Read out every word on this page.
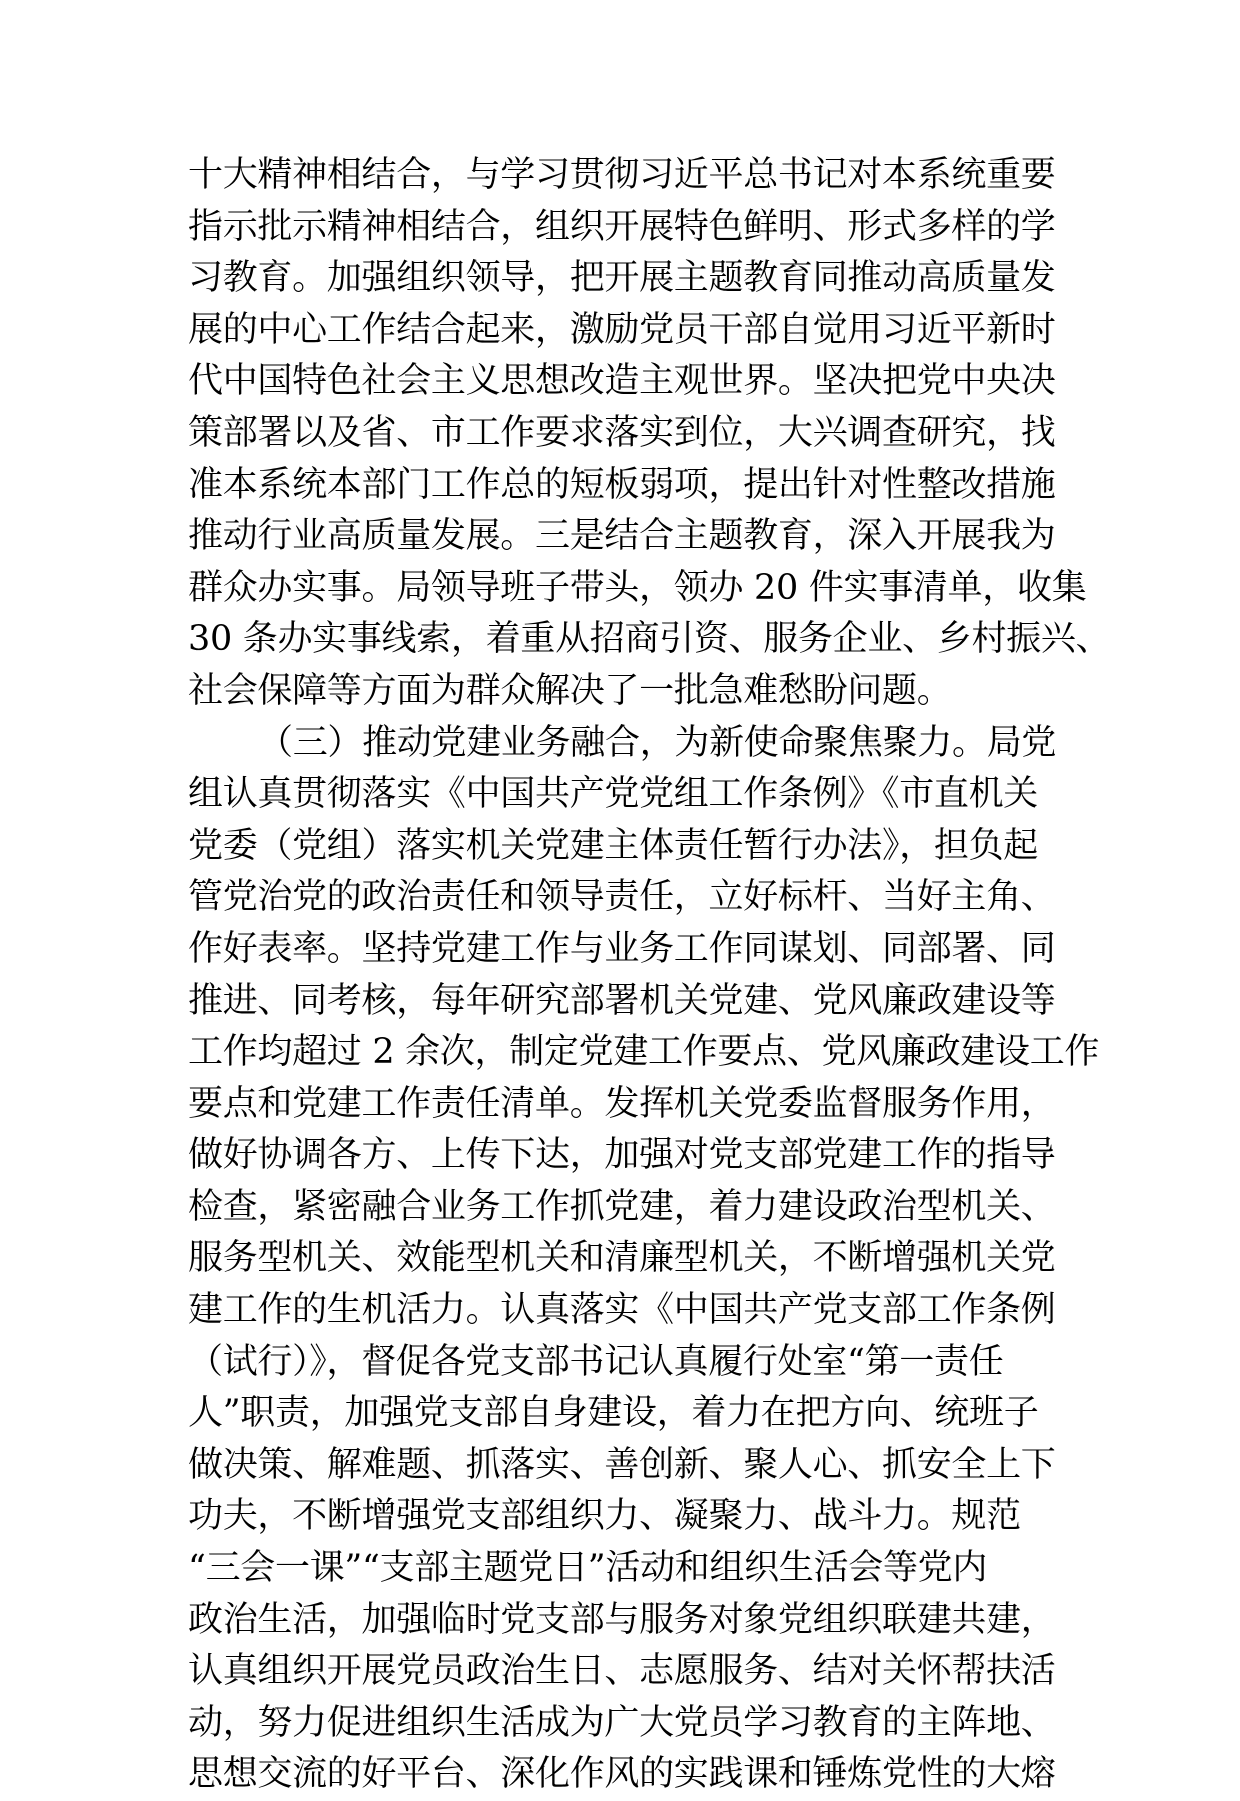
十大精神相结合，与学习贯彻习近平总书记对本系统重要
指示批示精神相结合，组织开展特色鲜明、形式多样的学
习教育。加强组织领导，把开展主题教育同推动高质量发
展的中心工作结合起来，激励党员干部自觉用习近平新时
代中国特色社会主义思想改造主观世界。坚决把党中央决
策部署以及省、市工作要求落实到位，大兴调查研究，找
准本系统本部门工作总的短板弱项，提出针对性整改措施
推动行业高质量发展。三是结合主题教育，深入开展我为
群众办实事。局领导班子带头，领办 20 件实事清单，收集
30 条办实事线索，着重从招商引资、服务企业、乡村振兴、
社会保障等方面为群众解决了一批急难愁盼问题。
（三）推动党建业务融合，为新使命聚焦聚力。局党
组认真贯彻落实《中国共产党党组工作条例》《市直机关
党委（党组）落实机关党建主体责任暂行办法》，担负起
管党治党的政治责任和领导责任，立好标杆、当好主角、
作好表率。坚持党建工作与业务工作同谋划、同部署、同
推进、同考核，每年研究部署机关党建、党风廉政建设等
工作均超过 2 余次，制定党建工作要点、党风廉政建设工作
要点和党建工作责任清单。发挥机关党委监督服务作用，
做好协调各方、上传下达，加强对党支部党建工作的指导
检查，紧密融合业务工作抓党建，着力建设政治型机关、
服务型机关、效能型机关和清廉型机关，不断增强机关党
建工作的生机活力。认真落实《中国共产党支部工作条例
（试行）》，督促各党支部书记认真履行处室“第一责任
人”职责，加强党支部自身建设，着力在把方向、统班子
做决策、解难题、抓落实、善创新、聚人心、抓安全上下
功夫，不断增强党支部组织力、凝聚力、战斗力。规范
“三会一课”“支部主题党日”活动和组织生活会等党内
政治生活，加强临时党支部与服务对象党组织联建共建，
认真组织开展党员政治生日、志愿服务、结对关怀帮扶活
动，努力促进组织生活成为广大党员学习教育的主阵地、
思想交流的好平台、深化作风的实践课和锤炼党性的大熔
